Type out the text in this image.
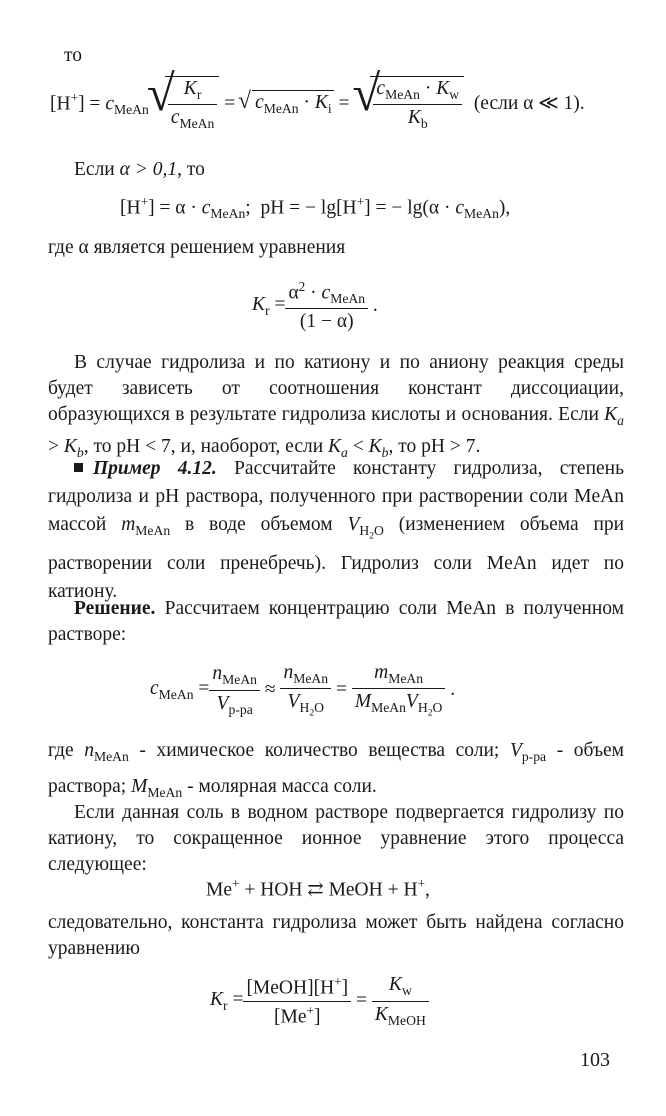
то
$[H^+] = c_{MeAn}$ √ $\frac{K_r}{c_{MeAn}}$ = √ $c_{MeAn} \cdot K_i$ = √ $\frac{c_{MeAn} \cdot K_w}{K_b}$
(если α ≪ 1).
Если α > 0,1, то
$[H^+] = \alpha \cdot c_{MeAn}$;  pH = − lg[H+] = − $\lg(\alpha \cdot c_{MeAn})$,
где α является решением уравнения
$K_r = \frac{\alpha^2 \cdot c_{MeAn}}{(1 - \alpha)}$ .
В случае гидролиза и по катиону и по аниону реакция среды будет зависеть от соотношения констант диссоциации, образующихся в результате гидролиза кислоты и основания. Если $K_a > K_b$, то pH < 7, и, наоборот, если $K_a < K_b$, то pH > 7.
Пример 4.12. Рассчитайте константу гидролиза, степень гидролиза и pH раствора, полученного при растворении соли MeAn массой $m_{MeAn}$ в воде объемом $V_{H_2O}$ (изменением объема при растворении соли пренебречь). Гидролиз соли MeAn идет по катиону.
Решение. Рассчитаем концентрацию соли MeAn в полученном растворе:
$c_{MeAn} = \frac{n_{MeAn}}{V_{р-ра}} \approx \frac{n_{MeAn}}{V_{H_2O}} = \frac{m_{MeAn}}{M_{MeAn}V_{H_2O}}$ .
где $n_{MeAn}$ - химическое количество вещества соли; $V_{р-ра}$ - объем раствора; $M_{MeAn}$ - молярная масса соли.
Если данная соль в водном растворе подвергается гидролизу по катиону, то сокращенное ионное уравнение этого процесса следующее:
Me+ + HOH ⇄ MeOH + H+,
следовательно, константа гидролиза может быть найдена согласно уравнению
$K_r = \frac{[MeOH][H^+]}{[Me^+]} = \frac{K_w}{K_{MeOH}}$
103
